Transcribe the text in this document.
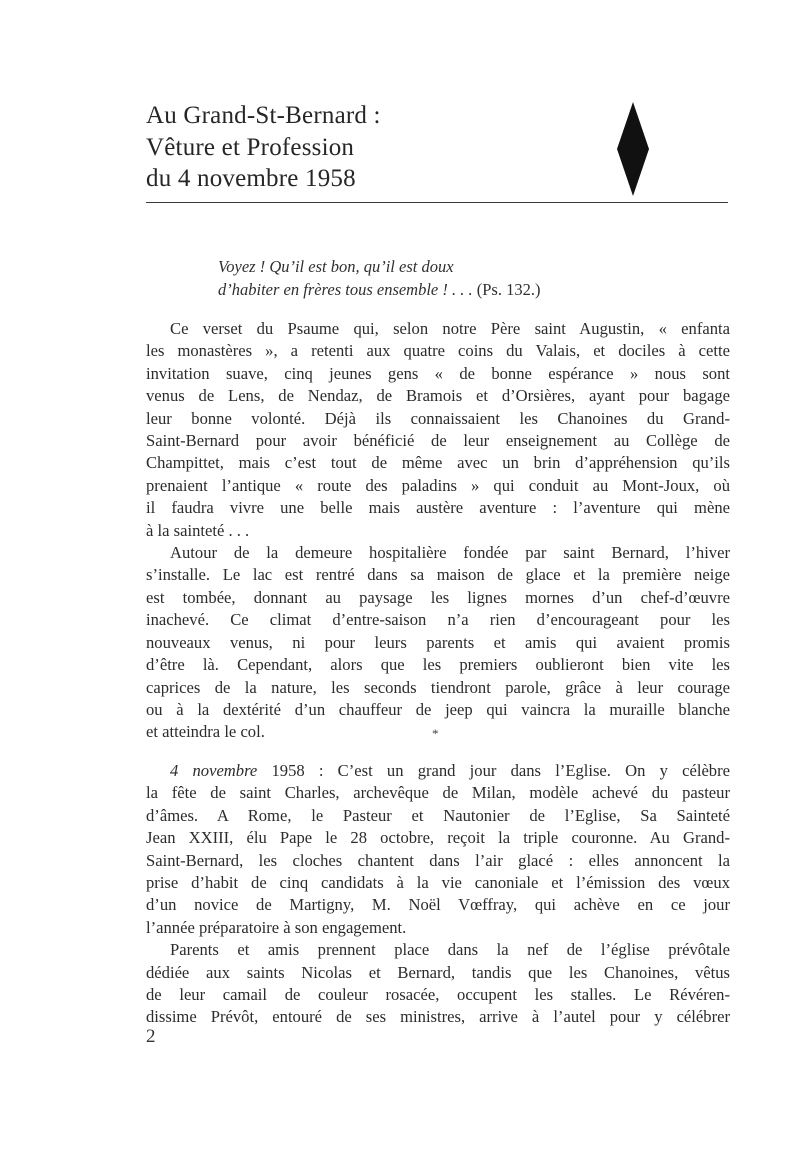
Au Grand-St-Bernard :
Vêture et Profession
du 4 novembre 1958
Voyez ! Qu’il est bon, qu’il est doux
d’habiter en frères tous ensemble ! . . . (Ps. 132.)
Ce verset du Psaume qui, selon notre Père saint Augustin, « enfanta
les monastères », a retenti aux quatre coins du Valais, et dociles à cette
invitation suave, cinq jeunes gens « de bonne espérance » nous sont
venus de Lens, de Nendaz, de Bramois et d’Orsières, ayant pour bagage
leur bonne volonté. Déjà ils connaissaient les Chanoines du Grand-
Saint-Bernard pour avoir bénéficié de leur enseignement au Collège de
Champittet, mais c’est tout de même avec un brin d’appréhension qu’ils
prenaient l’antique « route des paladins » qui conduit au Mont-Joux, où
il faudra vivre une belle mais austère aventure : l’aventure qui mène
à la sainteté . . .
Autour de la demeure hospitalière fondée par saint Bernard, l’hiver
s’installe. Le lac est rentré dans sa maison de glace et la première neige
est tombée, donnant au paysage les lignes mornes d’un chef-d’œuvre
inachevé. Ce climat d’entre-saison n’a rien d’encourageant pour les
nouveaux venus, ni pour leurs parents et amis qui avaient promis
d’être là. Cependant, alors que les premiers oublieront bien vite les
caprices de la nature, les seconds tiendront parole, grâce à leur courage
ou à la dextérité d’un chauffeur de jeep qui vaincra la muraille blanche
et atteindra le col.	*
4 novembre 1958 : C’est un grand jour dans l’Eglise. On y célèbre
la fête de saint Charles, archevêque de Milan, modèle achevé du pasteur
d’âmes. A Rome, le Pasteur et Nautonier de l’Eglise, Sa Sainteté
Jean XXIII, élu Pape le 28 octobre, reçoit la triple couronne. Au Grand-
Saint-Bernard, les cloches chantent dans l’air glacé : elles annoncent la
prise d’habit de cinq candidats à la vie canoniale et l’émission des vœux
d’un novice de Martigny, M. Noël Vœffray, qui achève en ce jour
l’année préparatoire à son engagement.
Parents et amis prennent place dans la nef de l’église prévôtale
dédiée aux saints Nicolas et Bernard, tandis que les Chanoines, vêtus
de leur camail de couleur rosacée, occupent les stalles. Le Révéren-
dissime Prévôt, entouré de ses ministres, arrive à l’autel pour y célébrer
2
